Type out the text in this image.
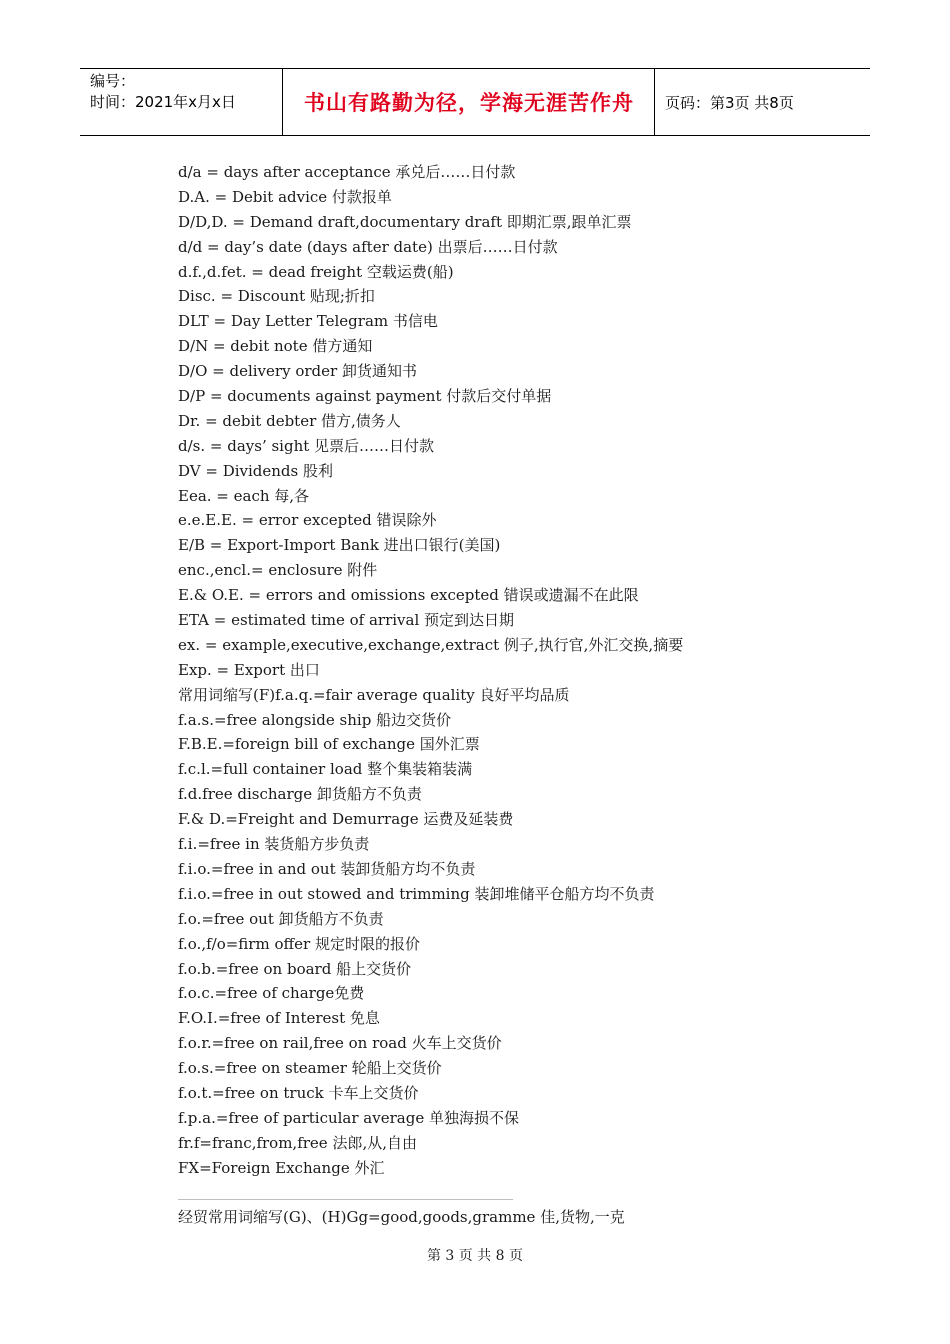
编号：
时间：2021年x月x日	书山有路勤为径，学海无涯苦作舟	页码：第3页 共8页
d/a = days after acceptance 承兑后……日付款
D.A. = Debit advice 付款报单
D/D,D. = Demand draft,documentary draft 即期汇票,跟单汇票
d/d = day’s date (days after date) 出票后……日付款
d.f.,d.fet. = dead freight 空载运费(船)
Disc. = Discount 贴现;折扣
DLT = Day Letter Telegram 书信电
D/N = debit note 借方通知
D/O = delivery order 卸货通知书
D/P = documents against payment 付款后交付单据
Dr. = debit debter 借方,债务人
d/s. = days’ sight 见票后……日付款
DV = Dividends 股利
Eea. = each 每,各
e.e.E.E. = error excepted 错误除外
E/B = Export-Import Bank 进出口银行(美国)
enc.,encl.= enclosure 附件
E.& O.E. = errors and omissions excepted 错误或遗漏不在此限
ETA = estimated time of arrival 预定到达日期
ex. = example,executive,exchange,extract 例子,执行官,外汇交换,摘要
Exp. = Export 出口
常用词缩写(F)f.a.q.=fair average quality 良好平均品质
f.a.s.=free alongside ship 船边交货价
F.B.E.=foreign bill of exchange 国外汇票
f.c.l.=full container load 整个集装箱装满
f.d.free discharge 卸货船方不负责
F.& D.=Freight and Demurrage 运费及延装费
f.i.=free in 装货船方步负责
f.i.o.=free in and out 装卸货船方均不负责
f.i.o.=free in out stowed and trimming 装卸堆储平仓船方均不负责
f.o.=free out 卸货船方不负责
f.o.,f/o=firm offer 规定时限的报价
f.o.b.=free on board 船上交货价
f.o.c.=free of charge免费
F.O.I.=free of Interest 免息
f.o.r.=free on rail,free on road 火车上交货价
f.o.s.=free on steamer 轮船上交货价
f.o.t.=free on truck 卡车上交货价
f.p.a.=free of particular average 单独海损不保
fr.f=franc,from,free 法郎,从,自由
FX=Foreign Exchange 外汇
经贸常用词缩写(G)、(H)Gg=good,goods,gramme 佳,货物,一克
第 3 页 共 8 页
